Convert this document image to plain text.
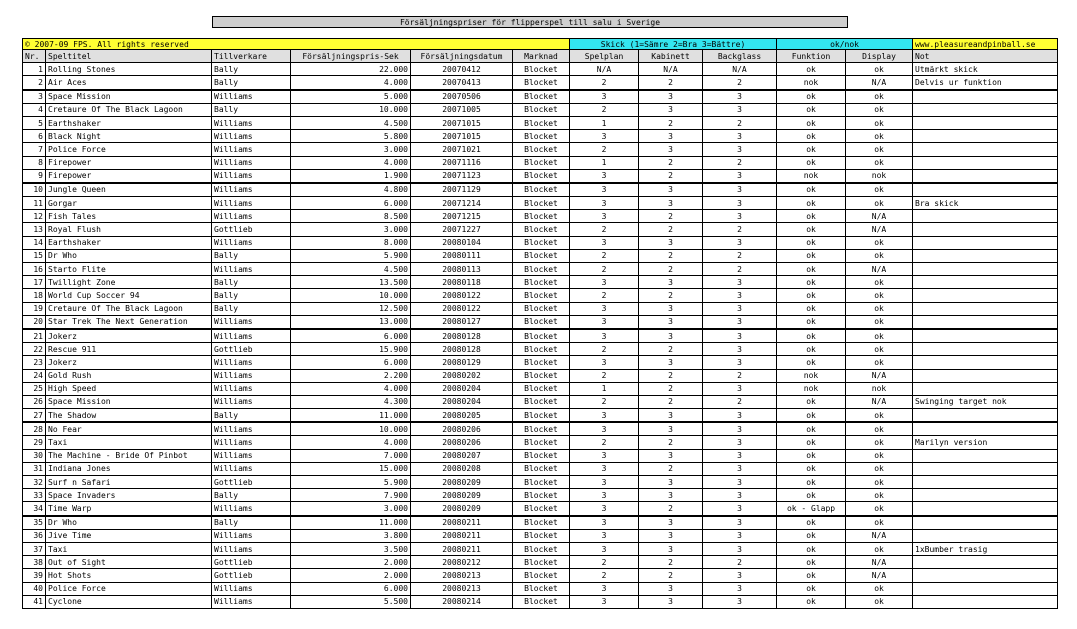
Försäljningspriser för flipperspel till salu i Sverige
© 2007-09 FPS. All rights reserved						Skick (1=Sämre 2=Bra 3=Bättre)			ok/nok		www.pleasureandpinball.se
Nr.	Speltitel	Tillverkare	Försäljningspris-Sek	Försäljningsdatum	Marknad	Spelplan	Kabinett	Backglass	Funktion	Display	Not
1	Rolling Stones	Bally	22.000	20070412	Blocket	N/A	N/A	N/A	ok	ok	Utmärkt skick
2	Air Aces	Bally	4.000	20070413	Blocket	2	2	2	nok	N/A	Delvis ur funktion
3	Space Mission	Williams	5.000	20070506	Blocket	3	3	3	ok	ok	
4	Cretaure Of The Black Lagoon	Bally	10.000	20071005	Blocket	2	3	3	ok	ok	
5	Earthshaker	Williams	4.500	20071015	Blocket	1	2	2	ok	ok	
6	Black Night	Williams	5.800	20071015	Blocket	3	3	3	ok	ok	
7	Police Force	Williams	3.000	20071021	Blocket	2	3	3	ok	ok	
8	Firepower	Williams	4.000	20071116	Blocket	1	2	2	ok	ok	
9	Firepower	Williams	1.900	20071123	Blocket	3	2	3	nok	nok	
10	Jungle Queen	Williams	4.800	20071129	Blocket	3	3	3	ok	ok	
11	Gorgar	Williams	6.000	20071214	Blocket	3	3	3	ok	ok	Bra skick
12	Fish Tales	Williams	8.500	20071215	Blocket	3	2	3	ok	N/A	
13	Royal Flush	Gottlieb	3.000	20071227	Blocket	2	2	2	ok	N/A	
14	Earthshaker	Williams	8.000	20080104	Blocket	3	3	3	ok	ok	
15	Dr Who	Bally	5.900	20080111	Blocket	2	2	2	ok	ok	
16	Starto Flite	Williams	4.500	20080113	Blocket	2	2	2	ok	N/A	
17	Twillight Zone	Bally	13.500	20080118	Blocket	3	3	3	ok	ok	
18	World Cup Soccer 94	Bally	10.000	20080122	Blocket	2	2	3	ok	ok	
19	Cretaure Of The Black Lagoon	Bally	12.500	20080122	Blocket	3	3	3	ok	ok	
20	Star Trek The Next Generation	Williams	13.000	20080127	Blocket	3	3	3	ok	ok	
21	Jokerz	Williams	6.000	20080128	Blocket	3	3	3	ok	ok	
22	Rescue 911	Gottlieb	15.900	20080128	Blocket	2	2	3	ok	ok	
23	Jokerz	Williams	6.000	20080129	Blocket	3	3	3	ok	ok	
24	Gold Rush	Williams	2.200	20080202	Blocket	2	2	2	nok	N/A	
25	High Speed	Williams	4.000	20080204	Blocket	1	2	3	nok	nok	
26	Space Mission	Williams	4.300	20080204	Blocket	2	2	2	ok	N/A	Swinging target nok
27	The Shadow	Bally	11.000	20080205	Blocket	3	3	3	ok	ok	
28	No Fear	Williams	10.000	20080206	Blocket	3	3	3	ok	ok	
29	Taxi	Williams	4.000	20080206	Blocket	2	2	3	ok	ok	Marilyn version
30	The Machine - Bride Of Pinbot	Williams	7.000	20080207	Blocket	3	3	3	ok	ok	
31	Indiana Jones	Williams	15.000	20080208	Blocket	3	2	3	ok	ok	
32	Surf n Safari	Gottlieb	5.900	20080209	Blocket	3	3	3	ok	ok	
33	Space Invaders	Bally	7.900	20080209	Blocket	3	3	3	ok	ok	
34	Time Warp	Williams	3.000	20080209	Blocket	3	2	3	ok - Glapp	ok	
35	Dr Who	Bally	11.000	20080211	Blocket	3	3	3	ok	ok	
36	Jive Time	Williams	3.800	20080211	Blocket	3	3	3	ok	N/A	
37	Taxi	Williams	3.500	20080211	Blocket	3	3	3	ok	ok	1xBumber trasig
38	Out of Sight	Gottlieb	2.000	20080212	Blocket	2	2	2	ok	N/A	
39	Hot Shots	Gottlieb	2.000	20080213	Blocket	2	2	3	ok	N/A	
40	Police Force	Williams	6.000	20080213	Blocket	3	3	3	ok	ok	
41	Cyclone	Williams	5.500	20080214	Blocket	3	3	3	ok	ok	
